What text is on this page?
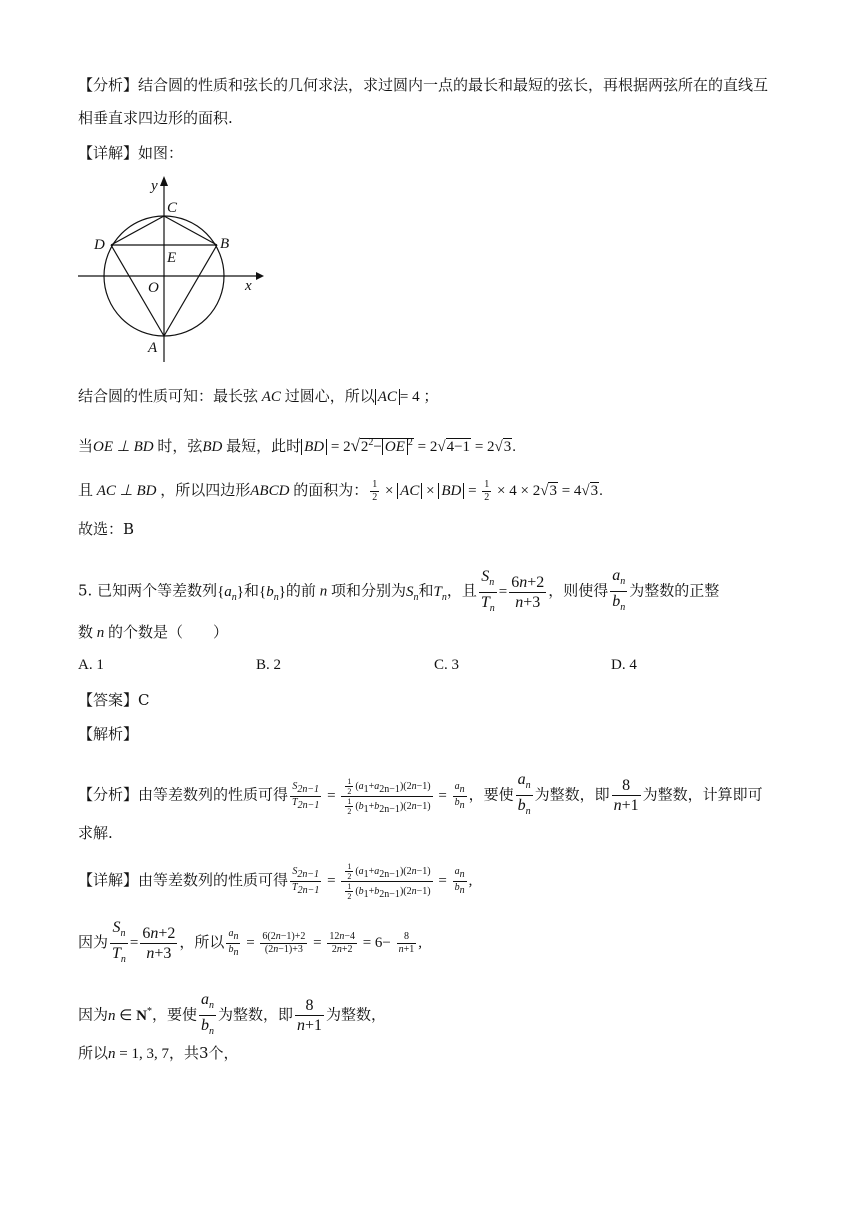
【分析】结合圆的性质和弦长的几何求法，求过圆内一点的最长和最短的弦长，再根据两弦所在的直线互
相垂直求四边形的面积.
【详解】如图：
y
x
C
B
D
E
O
A
结合圆的性质可知：最长弦 AC 过圆心，所以 AC = 4 ；
当OE ⊥ BD 时，弦BD 最短，此时 BD = $2√2^2-$ OE $^2$ = 2√4−1 = 2√3.
且 AC ⊥ BD ，所以四边形ABCD 的面积为： $\frac{1}{2}$ × AC × BD = $\frac{1}{2} \times 4 \times 2√3 = 4√3$.
故选：B
5. 已知两个等差数列$\{a_n\}$和$\{b_n\}$的前 n 项和分别为$S_n$和$T_n$，且 $\frac{S_n}{T_n} = \frac{6n+2}{n+3}$ ，则使得 $\frac{a_n}{b_n}$ 为整数的正整
数 n 的个数是（　　）
A. 1	B. 2	C. 3	D. 4
【答案】C
【解析】
【分析】由等差数列的性质可得 $\frac{S_{2n-1}}{T_{2n-1}} = \frac{\frac{1}{2} (a_1+a_{2n-1})(2n-1)}{\frac{1}{2} (b_1+b_{2n-1})(2n-1)} = \frac{a_n}{b_n}$ ，要使 $\frac{a_n}{b_n}$ 为整数，即 $\frac{8}{n+1}$ 为整数，计算即可
求解.
【详解】由等差数列的性质可得 $\frac{S_{2n-1}}{T_{2n-1}} = \frac{\frac{1}{2} (a_1+a_{2n-1})(2n-1)}{\frac{1}{2} (b_1+b_{2n-1})(2n-1)} = \frac{a_n}{b_n}$ ,
因为 $\frac{S_n}{T_n} = \frac{6n+2}{n+3}$ ，所以 $\frac{a_n}{b_n} = \frac{6(2n-1)+2}{(2n-1)+3} = \frac{12n-4}{2n+2} = 6- \frac{8}{n+1}$ ,
因为n ∈ N*，要使 $\frac{a_n}{b_n}$ 为整数，即 $\frac{8}{n+1}$ 为整数，
所以n = 1, 3, 7，共3个，
